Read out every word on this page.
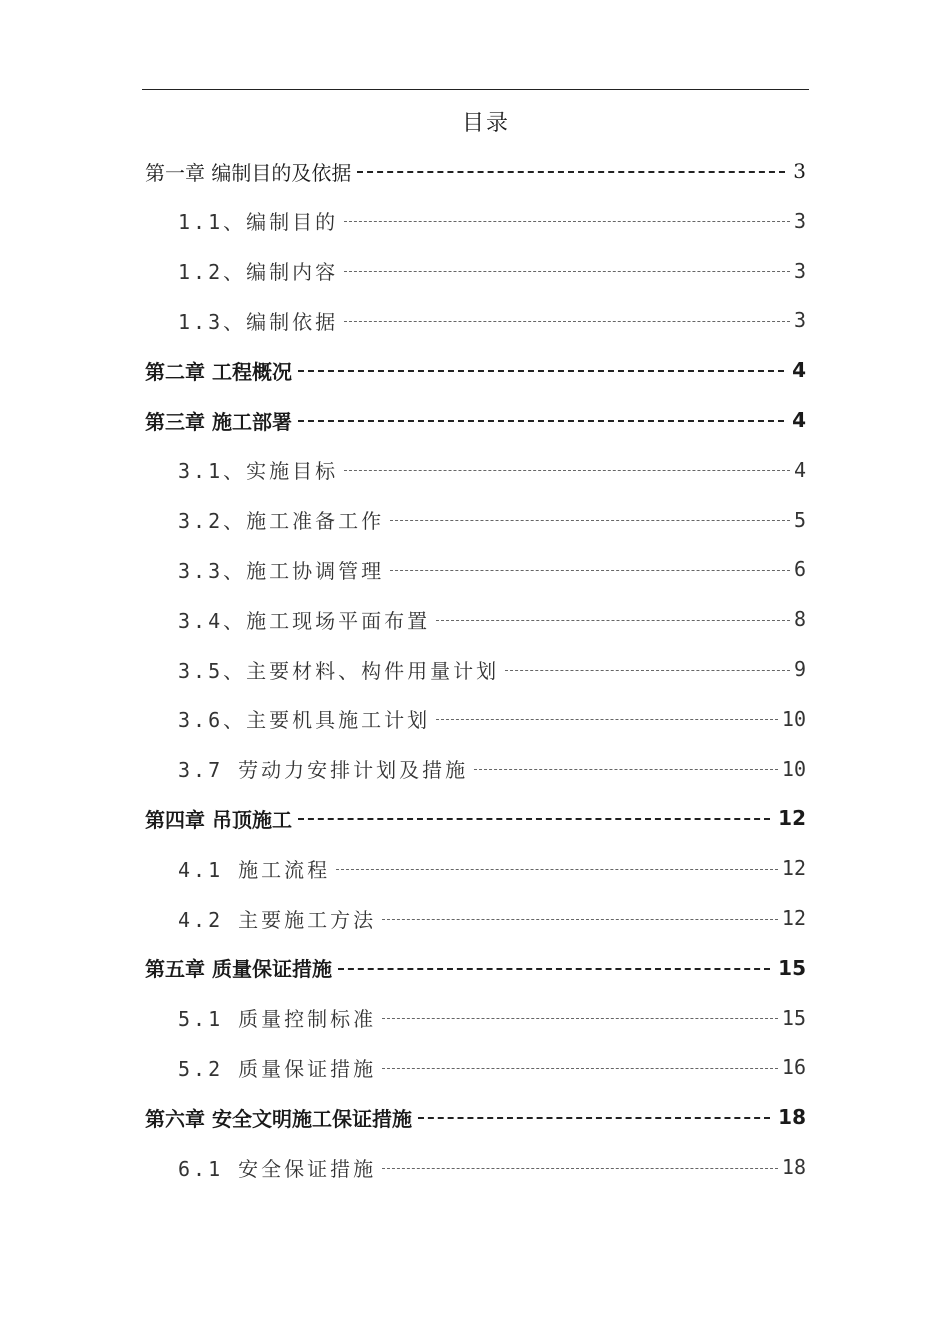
目录
第一章 编制目的及依据	3
1.1、编制目的	3
1.2、编制内容	3
1.3、编制依据	3
第二章 工程概况	4
第三章 施工部署	4
3.1、实施目标	4
3.2、施工准备工作	5
3.3、施工协调管理	6
3.4、施工现场平面布置	8
3.5、主要材料、构件用量计划	9
3.6、主要机具施工计划	10
3.7 劳动力安排计划及措施	10
第四章 吊顶施工	12
4.1 施工流程	12
4.2 主要施工方法	12
第五章 质量保证措施	15
5.1 质量控制标准	15
5.2 质量保证措施	16
第六章 安全文明施工保证措施	18
6.1 安全保证措施	18
